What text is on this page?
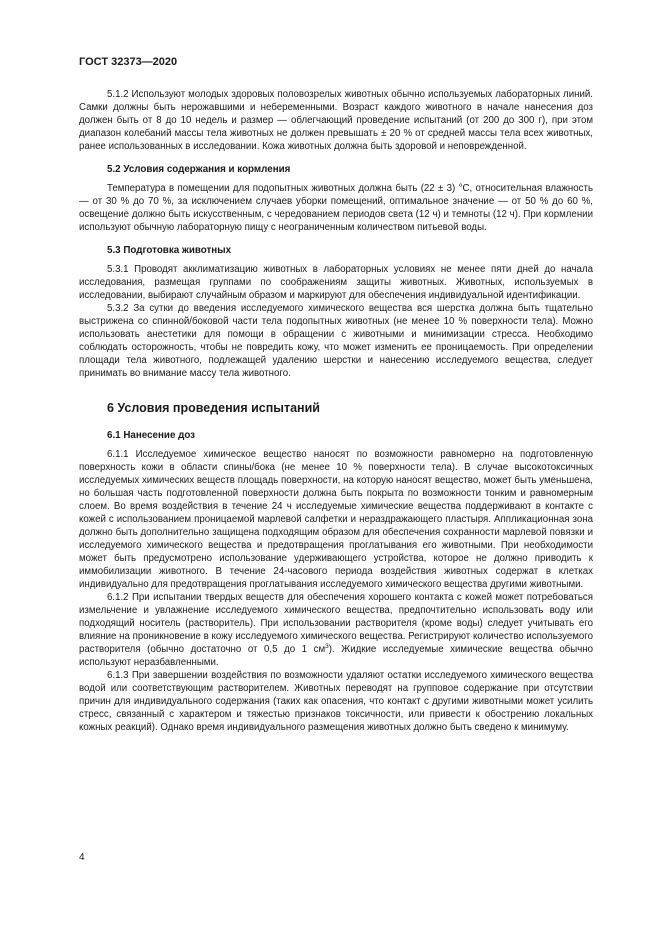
ГОСТ 32373—2020

5.1.2 Используют молодых здоровых половозрелых животных обычно используемых лабораторных линий. Самки должны быть нерожавшими и небеременными. Возраст каждого животного в начале нанесения доз должен быть от 8 до 10 недель и размер — облегчающий проведение испытаний (от 200 до 300 г), при этом диапазон колебаний массы тела животных не должен превышать ± 20 % от средней массы тела всех животных, ранее использованных в исследовании. Кожа животных должна быть здоровой и неповрежденной.

5.2 Условия содержания и кормления

Температура в помещении для подопытных животных должна быть (22 ± 3) °С, относительная влажность — от 30 % до 70 %, за исключением случаев уборки помещений, оптимальное значение — от 50 % до 60 %, освещение должно быть искусственным, с чередованием периодов света (12 ч) и темноты (12 ч). При кормлении используют обычную лабораторную пищу с неограниченным количеством питьевой воды.

5.3 Подготовка животных

5.3.1 Проводят акклиматизацию животных в лабораторных условиях не менее пяти дней до начала исследования, размещая группами по соображениям защиты животных. Животных, используемых в исследовании, выбирают случайным образом и маркируют для обеспечения индивидуальной идентификации.

5.3.2 За сутки до введения исследуемого химического вещества вся шерстка должна быть тщательно выстрижена со спинной/боковой части тела подопытных животных (не менее 10 % поверхности тела). Можно использовать анестетики для помощи в обращении с животными и минимизации стресса. Необходимо соблюдать осторожность, чтобы не повредить кожу, что может изменить ее проницаемость. При определении площади тела животного, подлежащей удалению шерстки и нанесению исследуемого вещества, следует принимать во внимание массу тела животного.

6 Условия проведения испытаний
6.1 Нанесение доз

6.1.1 Исследуемое химическое вещество наносят по возможности равномерно на подготовленную поверхность кожи в области спины/бока (не менее 10 % поверхности тела). В случае высокотоксичных исследуемых химических веществ площадь поверхности, на которую наносят вещество, может быть уменьшена, но большая часть подготовленной поверхности должна быть покрыта по возможности тонким и равномерным слоем. Во время воздействия в течение 24 ч исследуемые химические вещества поддерживают в контакте с кожей с использованием проницаемой марлевой салфетки и нераздражающего пластыря. Аппликационная зона должно быть дополнительно защищена подходящим образом для обеспечения сохранности марлевой повязки и исследуемого химического вещества и предотвращения проглатывания его животными. При необходимости может быть предусмотрено использование удерживающего устройства, которое не должно приводить к иммобилизации животного. В течение 24-часового периода воздействия животных содержат в клетках индивидуально для предотвращения проглатывания исследуемого химического вещества другими животными.

6.1.2 При испытании твердых веществ для обеспечения хорошего контакта с кожей может потребоваться измельчение и увлажнение исследуемого химического вещества, предпочтительно использовать воду или подходящий носитель (растворитель). При использовании растворителя (кроме воды) следует учитывать его влияние на проникновение в кожу исследуемого химического вещества. Регистрируют количество используемого растворителя (обычно достаточно от 0,5 до 1 $см^3$). Жидкие исследуемые химические вещества обычно используют неразбавленными.

6.1.3 При завершении воздействия по возможности удаляют остатки исследуемого химического вещества водой или соответствующим растворителем. Животных переводят на групповое содержание при отсутствии причин для индивидуального содержания (таких как опасения, что контакт с другими животными может усилить стресс, связанный с характером и тяжестью признаков токсичности, или привести к обострению локальных кожных реакций). Однако время индивидуального размещения животных должно быть сведено к минимуму.

4
